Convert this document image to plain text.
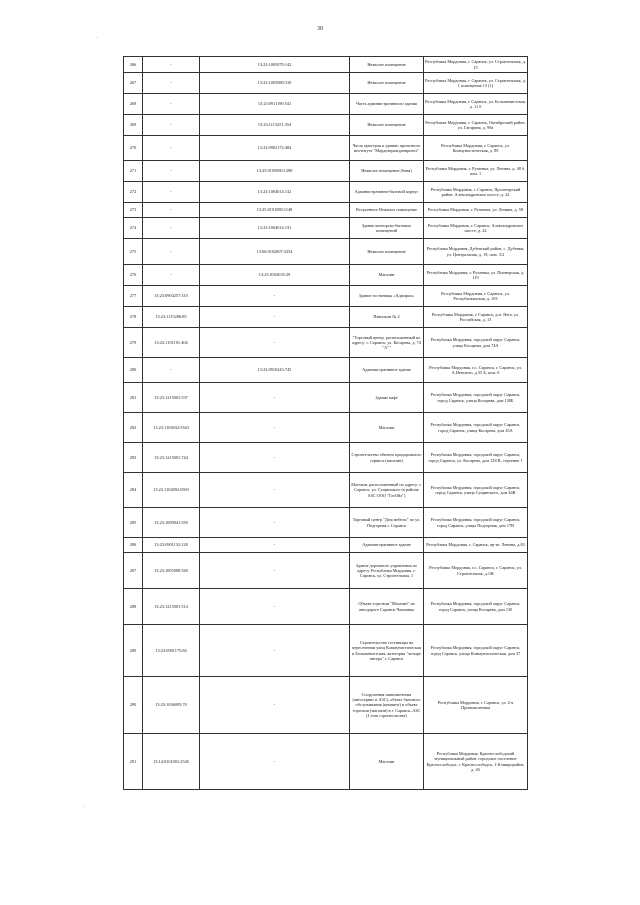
30
·
·
266	-	13:23:1005079:142	Нежилое помещение	Республика Мордовия, г. Саранск, ул. Строительная, д. 15
267	-	13:23:1005080:310	Нежилое помещение	Республика Мордовия, г. Саранск, ул. Строительная, д. 1 помещение 13 (1)
268	-	13:23:0911190:541	Часть административного здания	Республика Мордовия, г. Саранск, ул. Большевистская, д. 11 б
269	-	13:23:1113251:354	Нежилое помещение	Республика Мордовия, г. Саранск, Октябрьский район, ул. Гагарина, д. 99а
270	-	13:23:0902172:484	Часть пристроя к зданию проектного института "Мордовгражданпроект"	Республика Мордовия, г. Саранск, ул. Коммунистическая, д. 89
271	-	13:25:0105080:1288	Нежилое помещение (баня)	Республика Мордовия, г. Рузаевка, ул. Ленина, д. 48 б, пом. 1
272	-	13:23:1004014:132	Административно-бытовой корпус	Республика Мордовия, г. Саранск, Пролетарский район, Александровское шоссе, д. 22
273	-	13:25:0101080:1148	Встроенное Нежилое помещение	Республика Мордовия, г. Рузаевка, ул. Ленина, д. 58
274	-	13:23:1004014:131	Здание конторско-бытовых помещений	Республика Мордовия, г. Саранск, Александровское шоссе, д. 22
275	-	13:06:0102007:3254	Нежилое помещение	Республика Мордовия, Дубенский район, с. Дубенки, ул. Центральная, д. 19, пом. 3/2
276	-	13:25:0102035:29	Магазин	Республика Мордовия, г. Рузаевка, ул. Пионерская, д. 119
277	13:23:0904257:310	-	Здание гостиницы «Адмирал»	Республика Мордовия, г. Саранск, ул. Республиканская, д. 103
278	13:23:1115286:85	-	Павильон № 2	Республика Мордовия, г. Саранск, р.п. Ялга, ул. Российская, д. 13
279	13:23:1101101:404	-	"Торговый центр, расположенный по адресу: г. Саранск, ул. Косарева, д. 74 "А""	Республика Мордовия, городской округ Саранск, улица Косарева, дом 74А
280	-	13:23:0910243:745	Административное здание	Республика Мордовия, г.о. Саранск, г. Саранск, ул. А.Невского, д.55 Б, пом. 6
281	13:23:1215001:537	-	Здание кафе	Республика Мордовия, городской округ Саранск, город Саранск, улица Косарева, дом 128Б
282	13:23:1104032:5343	-	Магазин	Республика Мордовия, городской округ Саранск, город Саранск, улица Косарева, дом 45А
283	13:23:1215001:744	-	Строительство объекта придорожного сервиса (магазин)	Республика Мордовия, городской округ Саранск, город Саранск, ул. Косарева, дом 128 В, строение 1
284	13:23:1104092:6503	-	Магазин, расположенный по адресу: г. Саранск, ул. Сущинского (в районе АЗС ООО "ГазОйл")	Республика Мордовия, городской округ Саранск, город Саранск, улица Сущинского, дом 44В
285	13:23:1009041:559	-	Торговый центр "Дом мебели" по ул. Подгорная г. Саранск	Республика Мордовия, городской округ Саранск, город Саранск, улица Подгорная, дом 17В
286	13:23:0901132:128	-	Административное здание	Республика Мордовия, г. Саранск, пр-кт. Ленина, д.83
287	13:23:1005080:540	-	Здание дорожного управления по адресу Республика Мордовия, г. Саранск, ул. Строительная, 1	Республика Мордовия, г.о. Саранск, г. Саранск, ул. Строительная, д.1Ж
288	13:23:1215001:514	-	Объект торговли "Магазин" на автодороге Саранск-Чамзинка	Республика Мордовия, городской округ Саранск, город Саранск, улица Косарева, дом 130
289	13:23:0901175:84	-	Строительство гостиницы на пересечении улиц Коммунистическая и Большевистская, категория "четыре звезды" г. Саранск	Республика Мордовия, городской округ Саранск, город Саранск, улица Коммунистическая, дом 37
290	13:23:1036095:70	-	Сооружения шиномонтажа (автосервис и АЗС), объект бытового обслуживания (кемпинг) и объект торговли (магазин) в г. Саранск–АЗС (I этап строительства)	Республика Мордовия, г. Саранск, ул. 2-я Промышленная
291	13:14:0101001:2545	-	Магазин	Республика Мордовия, Краснослободский муниципальный район, городское поселение Краснослободск, г. Краснослободск, 1-й микрорайон, д. 26
